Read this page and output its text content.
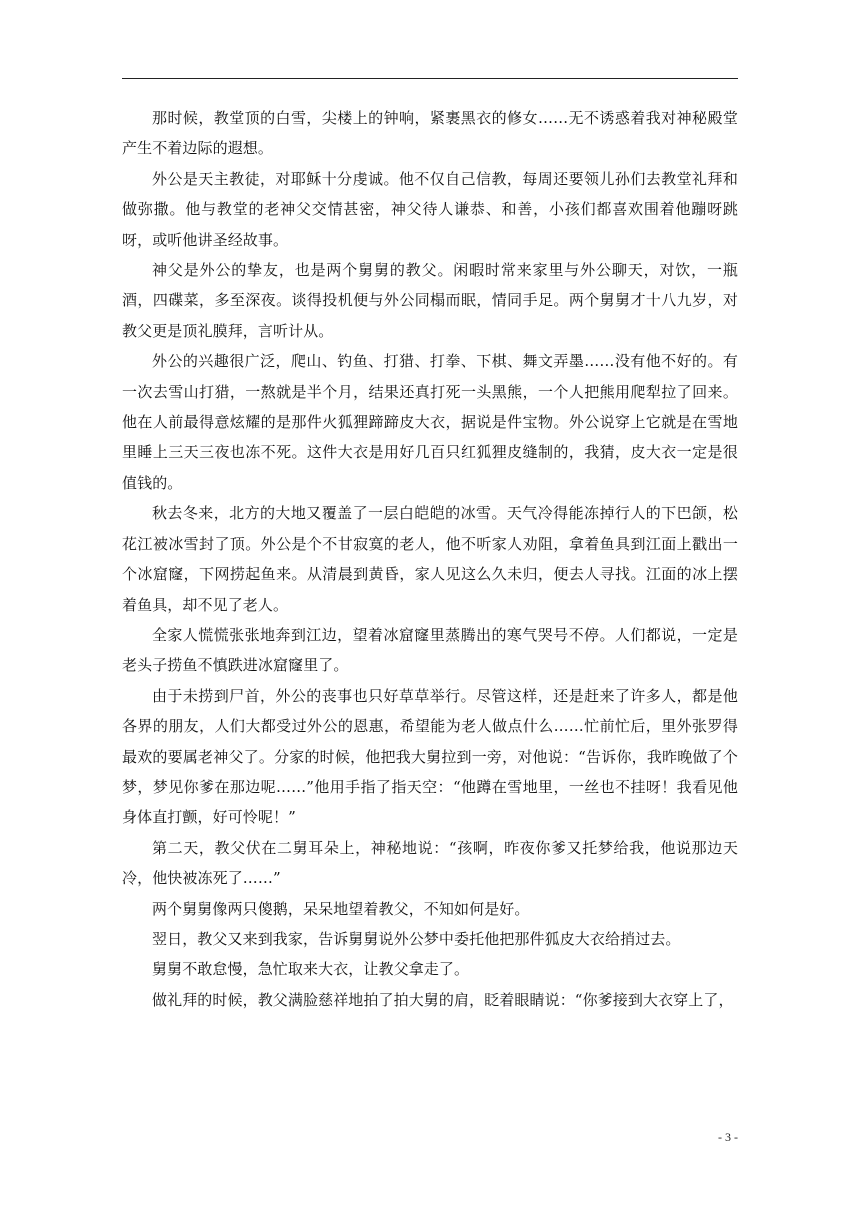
那时候，教堂顶的白雪，尖楼上的钟响，紧裹黑衣的修女……无不诱惑着我对神秘殿堂产生不着边际的遐想。

外公是天主教徒，对耶稣十分虔诚。他不仅自己信教，每周还要领儿孙们去教堂礼拜和做弥撒。他与教堂的老神父交情甚密，神父待人谦恭、和善，小孩们都喜欢围着他蹦呀跳呀，或听他讲圣经故事。

神父是外公的挚友，也是两个舅舅的教父。闲暇时常来家里与外公聊天，对饮，一瓶酒，四碟菜，多至深夜。谈得投机便与外公同榻而眠，情同手足。两个舅舅才十八九岁，对教父更是顶礼膜拜，言听计从。

外公的兴趣很广泛，爬山、钓鱼、打猎、打拳、下棋、舞文弄墨……没有他不好的。有一次去雪山打猎，一熬就是半个月，结果还真打死一头黑熊，一个人把熊用爬犁拉了回来。他在人前最得意炫耀的是那件火狐狸蹄蹄皮大衣，据说是件宝物。外公说穿上它就是在雪地里睡上三天三夜也冻不死。这件大衣是用好几百只红狐狸皮缝制的，我猜，皮大衣一定是很值钱的。

秋去冬来，北方的大地又覆盖了一层白皑皑的冰雪。天气冷得能冻掉行人的下巴颌，松花江被冰雪封了顶。外公是个不甘寂寞的老人，他不听家人劝阻，拿着鱼具到江面上戳出一个冰窟窿，下网捞起鱼来。从清晨到黄昏，家人见这么久未归，便去人寻找。江面的冰上摆着鱼具，却不见了老人。

全家人慌慌张张地奔到江边，望着冰窟窿里蒸腾出的寒气哭号不停。人们都说，一定是老头子捞鱼不慎跌进冰窟窿里了。

由于未捞到尸首，外公的丧事也只好草草举行。尽管这样，还是赶来了许多人，都是他各界的朋友，人们大都受过外公的恩惠，希望能为老人做点什么……忙前忙后，里外张罗得最欢的要属老神父了。分家的时候，他把我大舅拉到一旁，对他说：“告诉你，我昨晚做了个梦，梦见你爹在那边呢……”他用手指了指天空：“他蹲在雪地里，一丝也不挂呀！我看见他身体直打颤，好可怜呢！”

第二天，教父伏在二舅耳朵上，神秘地说：“孩啊，昨夜你爹又托梦给我，他说那边天冷，他快被冻死了……”

两个舅舅像两只傻鹅，呆呆地望着教父，不知如何是好。

翌日，教父又来到我家，告诉舅舅说外公梦中委托他把那件狐皮大衣给捎过去。

舅舅不敢怠慢，急忙取来大衣，让教父拿走了。

做礼拜的时候，教父满脸慈祥地拍了拍大舅的肩，眨着眼睛说：“你爹接到大衣穿上了，

- 3 -
